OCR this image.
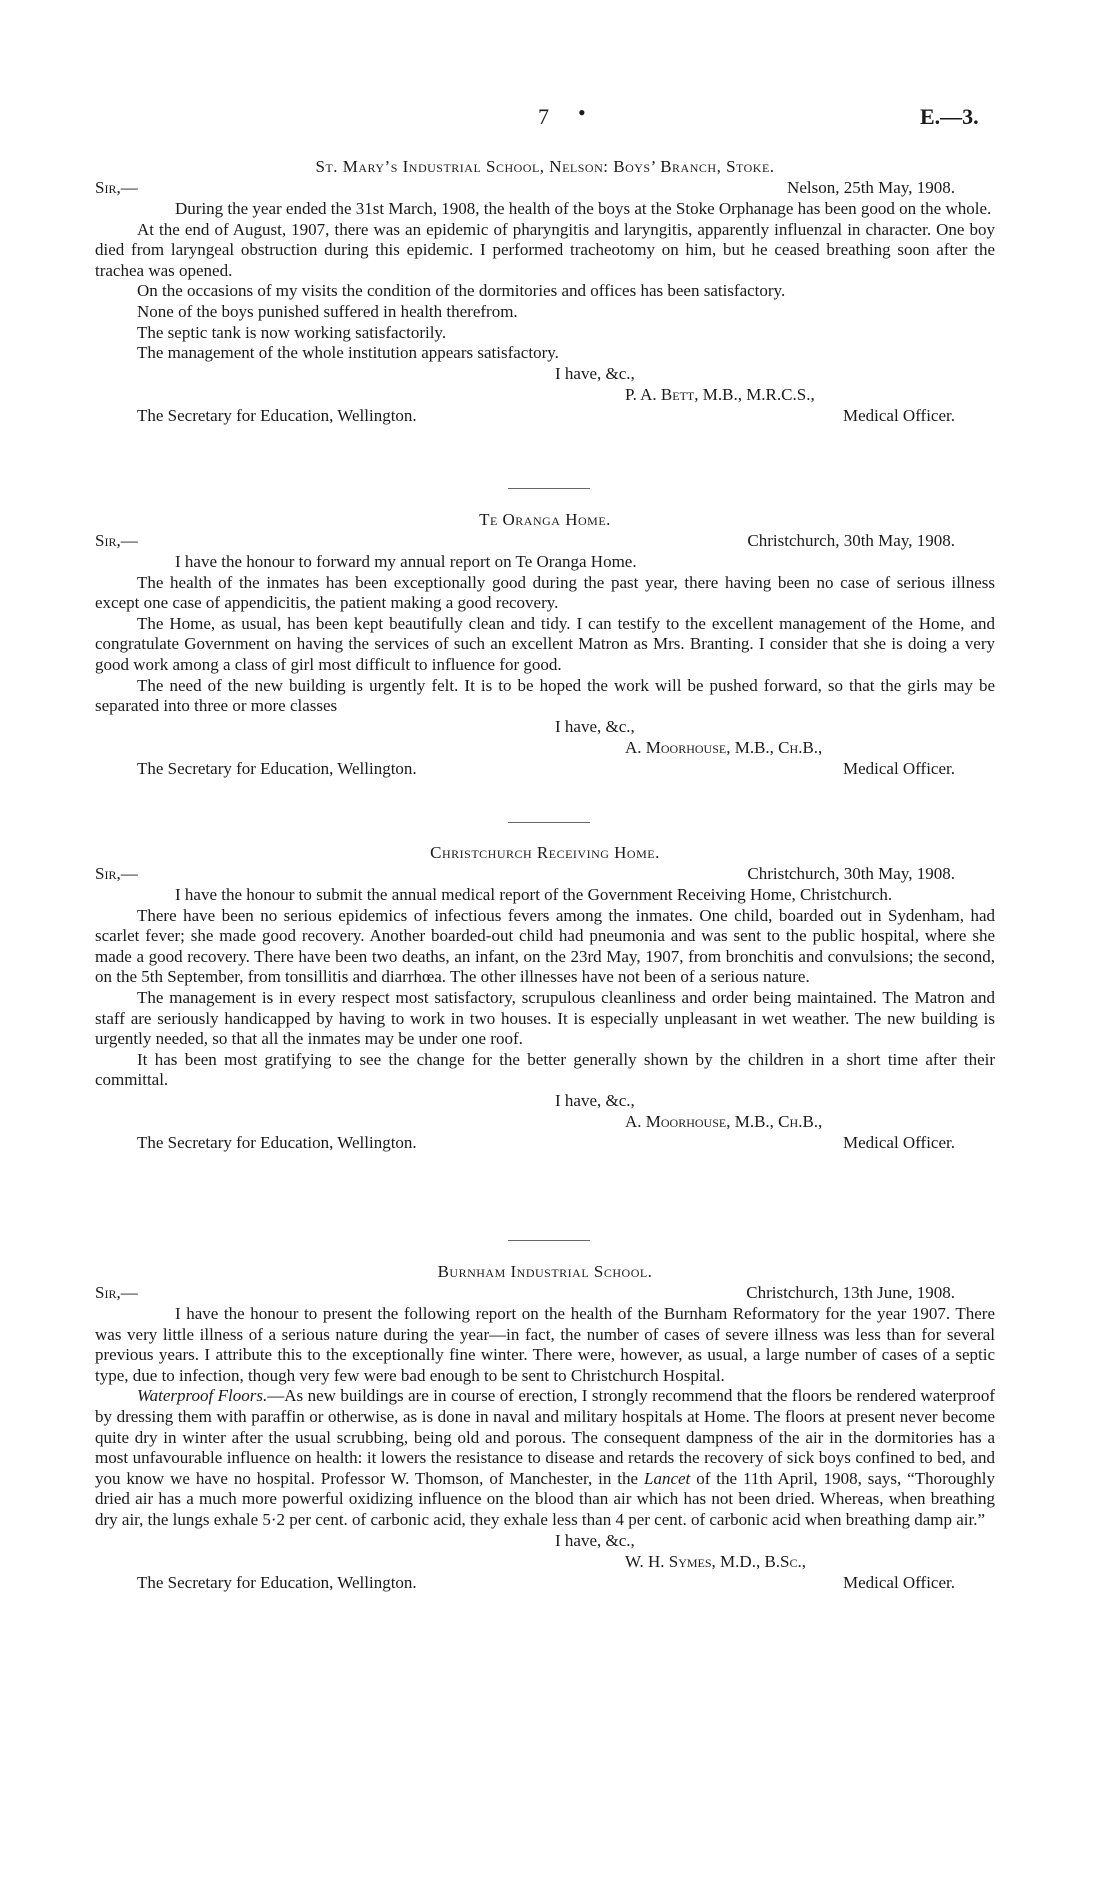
7 •	E.—3.
St. Mary’s Industrial School, Nelson: Boys’ Branch, Stoke.
Sir,—	Nelson, 25th May, 1908.

During the year ended the 31st March, 1908, the health of the boys at the Stoke Orphanage has been good on the whole.

At the end of August, 1907, there was an epidemic of pharyngitis and laryngitis, apparently influenzal in character. One boy died from laryngeal obstruction during this epidemic. I performed tracheotomy on him, but he ceased breathing soon after the trachea was opened.

On the occasions of my visits the condition of the dormitories and offices has been satisfactory.

None of the boys punished suffered in health therefrom.

The septic tank is now working satisfactorily.

The management of the whole institution appears satisfactory.

I have, &c.,
P. A. Bett, M.B., M.R.C.S.,
The Secretary for Education, Wellington.	Medical Officer.
Te Oranga Home.
Sir,—	Christchurch, 30th May, 1908.

I have the honour to forward my annual report on Te Oranga Home.

The health of the inmates has been exceptionally good during the past year, there having been no case of serious illness except one case of appendicitis, the patient making a good recovery.

The Home, as usual, has been kept beautifully clean and tidy. I can testify to the excellent management of the Home, and congratulate Government on having the services of such an excellent Matron as Mrs. Branting. I consider that she is doing a very good work among a class of girl most difficult to influence for good.

The need of the new building is urgently felt. It is to be hoped the work will be pushed forward, so that the girls may be separated into three or more classes

I have, &c.,
A. Moorhouse, M.B., Ch.B.,
The Secretary for Education, Wellington.	Medical Officer.
Christchurch Receiving Home.
Sir,—	Christchurch, 30th May, 1908.

I have the honour to submit the annual medical report of the Government Receiving Home, Christchurch.

There have been no serious epidemics of infectious fevers among the inmates. One child, boarded out in Sydenham, had scarlet fever; she made good recovery. Another boarded-out child had pneumonia and was sent to the public hospital, where she made a good recovery. There have been two deaths, an infant, on the 23rd May, 1907, from bronchitis and convulsions; the second, on the 5th September, from tonsillitis and diarrhœa. The other illnesses have not been of a serious nature.

The management is in every respect most satisfactory, scrupulous cleanliness and order being maintained. The Matron and staff are seriously handicapped by having to work in two houses. It is especially unpleasant in wet weather. The new building is urgently needed, so that all the inmates may be under one roof.

It has been most gratifying to see the change for the better generally shown by the children in a short time after their committal.

I have, &c.,
A. Moorhouse, M.B., Ch.B.,
The Secretary for Education, Wellington.	Medical Officer.
Burnham Industrial School.
Sir,—	Christchurch, 13th June, 1908.

I have the honour to present the following report on the health of the Burnham Reformatory for the year 1907. There was very little illness of a serious nature during the year—in fact, the number of cases of severe illness was less than for several previous years. I attribute this to the exceptionally fine winter. There were, however, as usual, a large number of cases of a septic type, due to infection, though very few were bad enough to be sent to Christchurch Hospital.

Waterproof Floors.—As new buildings are in course of erection, I strongly recommend that the floors be rendered waterproof by dressing them with paraffin or otherwise, as is done in naval and military hospitals at Home. The floors at present never become quite dry in winter after the usual scrubbing, being old and porous. The consequent dampness of the air in the dormitories has a most unfavourable influence on health: it lowers the resistance to disease and retards the recovery of sick boys confined to bed, and you know we have no hospital. Professor W. Thomson, of Manchester, in the Lancet of the 11th April, 1908, says, “Thoroughly dried air has a much more powerful oxidizing influence on the blood than air which has not been dried. Whereas, when breathing dry air, the lungs exhale 5·2 per cent. of carbonic acid, they exhale less than 4 per cent. of carbonic acid when breathing damp air.”

I have, &c.,
W. H. Symes, M.D., B.Sc.,
The Secretary for Education, Wellington.	Medical Officer.
